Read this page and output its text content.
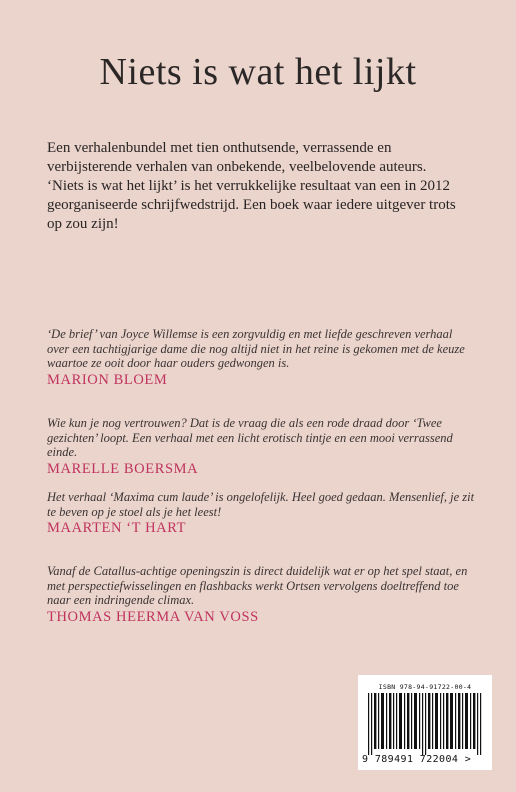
Niets is wat het lijkt

Een verhalenbundel met tien onthutsende, verrassende en verbijsterende verhalen van onbekende, veelbelovende auteurs.

‘Niets is wat het lijkt’ is het verrukkelijke resultaat van een in 2012 georganiseerde schrijfwedstrijd. Een boek waar iedere uitgever trots op zou zijn!

‘De brief’ van Joyce Willemse is een zorgvuldig en met liefde geschreven verhaal over een tachtigjarige dame die nog altijd niet in het reine is gekomen met de keuze waartoe ze ooit door haar ouders gedwongen is.
MARION BLOEM
Wie kun je nog vertrouwen? Dat is de vraag die als een rode draad door ‘Twee gezichten’ loopt. Een verhaal met een licht erotisch tintje en een mooi verrassend einde.
MARELLE BOERSMA
Het verhaal ‘Maxima cum laude’ is ongelofelijk. Heel goed gedaan. Mensenlief, je zit te beven op je stoel als je het leest!
MAARTEN ‘T HART
Vanaf de Catallus-achtige openingszin is direct duidelijk wat er op het spel staat, en met perspectiefwisselingen en flashbacks werkt Ortsen vervolgens doeltreffend toe naar een indringende climax.
THOMAS HEERMA VAN VOSS
ISBN 978-94-91722-00-4
9 789491 722004 >
